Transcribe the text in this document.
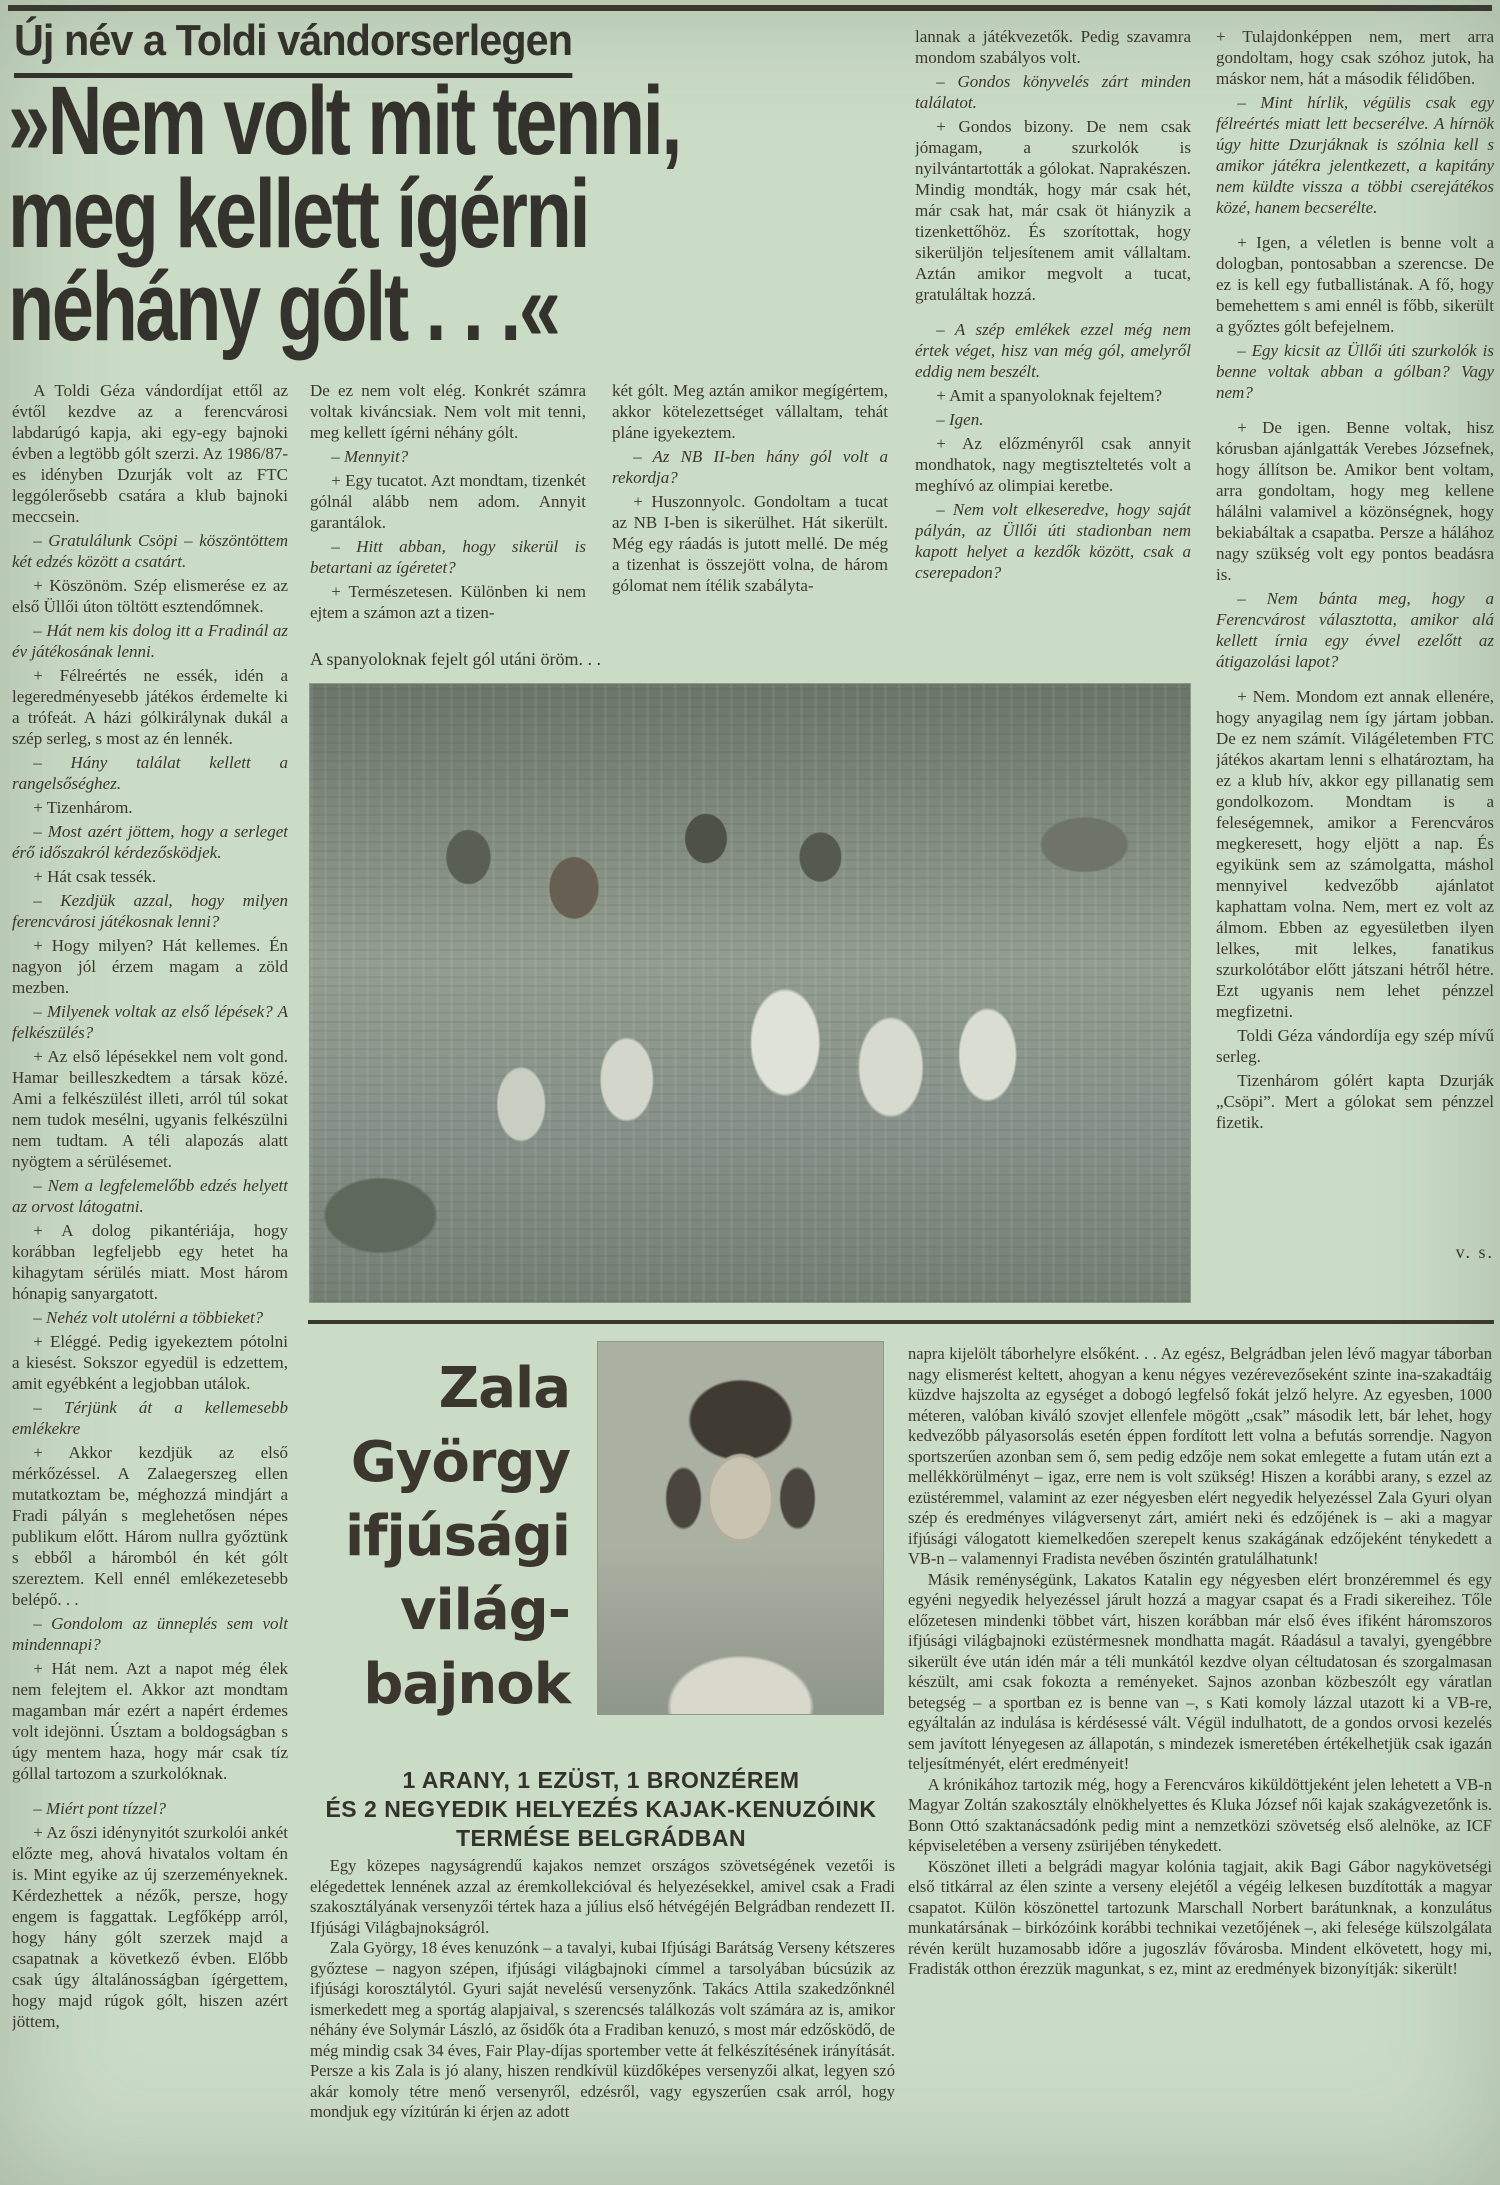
Új név a Toldi vándorserlegen
»Nem volt mit tenni,
meg kellett ígérni
néhány gólt . . .«

A Toldi Géza vándordíjat ettől az évtől kezdve az a ferencvárosi labdarúgó kapja, aki egy-egy bajnoki évben a legtöbb gólt szerzi. Az 1986/87-es idényben Dzurják volt az FTC leggólerősebb csatára a klub bajnoki meccsein.

– Gratulálunk Csöpi – köszöntöttem két edzés között a csatárt.

+ Köszönöm. Szép elismerése ez az első Üllői úton töltött esztendőmnek.

– Hát nem kis dolog itt a Fradinál az év játékosának lenni.

+ Félreértés ne essék, idén a legeredményesebb játékos érdemelte ki a trófeát. A házi gólkirálynak dukál a szép serleg, s most az én lennék.

– Hány találat kellett a rangelsőséghez.

+ Tizenhárom.

– Most azért jöttem, hogy a serleget érő időszakról kérdezősködjek.

+ Hát csak tessék.

– Kezdjük azzal, hogy milyen ferencvárosi játékosnak lenni?

+ Hogy milyen? Hát kellemes. Én nagyon jól érzem magam a zöld mezben.

– Milyenek voltak az első lépések? A felkészülés?

+ Az első lépésekkel nem volt gond. Hamar beilleszkedtem a társak közé. Ami a felkészülést illeti, arról túl sokat nem tudok mesélni, ugyanis felkészülni nem tudtam. A téli alapozás alatt nyögtem a sérülésemet.

– Nem a legfelemelőbb edzés helyett az orvost látogatni.

+ A dolog pikantériája, hogy korábban legfeljebb egy hetet ha kihagytam sérülés miatt. Most három hónapig sanyargatott.

– Nehéz volt utolérni a többieket?

+ Eléggé. Pedig igyekeztem pótolni a kiesést. Sokszor egyedül is edzettem, amit egyébként a legjobban utálok.

– Térjünk át a kellemesebb emlékekre

+ Akkor kezdjük az első mérkőzéssel. A Zalaegerszeg ellen mutatkoztam be, méghozzá mindjárt a Fradi pályán s meglehetősen népes publikum előtt. Három nullra győztünk s ebből a háromból én két gólt szereztem. Kell ennél emlékezetesebb belépő. . .

– Gondolom az ünneplés sem volt mindennapi?

+ Hát nem. Azt a napot még élek nem felejtem el. Akkor azt mondtam magamban már ezért a napért érdemes volt idejönni. Úsztam a boldogságban s úgy mentem haza, hogy már csak tíz góllal tartozom a szurkolóknak.

– Miért pont tízzel?

+ Az őszi idénynyitót szurkolói ankét előzte meg, ahová hivatalos voltam én is. Mint egyike az új szerzeményeknek. Kérdezhettek a nézők, persze, hogy engem is faggattak. Legfőképp arról, hogy hány gólt szerzek majd a csapatnak a következő évben. Előbb csak úgy általánosságban ígérgettem, hogy majd rúgok gólt, hiszen azért jöttem,

De ez nem volt elég. Konkrét számra voltak kiváncsiak. Nem volt mit tenni, meg kellett ígérni néhány gólt.

– Mennyit?

+ Egy tucatot. Azt mondtam, tizenkét gólnál alább nem adom. Annyit garantálok.

– Hitt abban, hogy sikerül is betartani az ígéretet?

+ Természetesen. Különben ki nem ejtem a számon azt a tizen-

két gólt. Meg aztán amikor megígértem, akkor kötelezettséget vállaltam, tehát pláne igyekeztem.

– Az NB II-ben hány gól volt a rekordja?

+ Huszonnyolc. Gondoltam a tucat az NB I-ben is sikerülhet. Hát sikerült. Még egy ráadás is jutott mellé. De még a tizenhat is összejött volna, de három gólomat nem ítélik szabályta-

lannak a játékvezetők. Pedig szavamra mondom szabályos volt.

– Gondos könyvelés zárt minden találatot.

+ Gondos bizony. De nem csak jómagam, a szurkolók is nyilvántartották a gólokat. Naprakészen. Mindig mondták, hogy már csak hét, már csak hat, már csak öt hiányzik a tizenkettőhöz. És szorítottak, hogy sikerüljön teljesítenem amit vállaltam. Aztán amikor megvolt a tucat, gratuláltak hozzá.

– A szép emlékek ezzel még nem értek véget, hisz van még gól, amelyről eddig nem beszélt.

+ Amit a spanyoloknak fejeltem?

– Igen.

+ Az előzményről csak annyit mondhatok, nagy megtiszteltetés volt a meghívó az olimpiai keretbe.

– Nem volt elkeseredve, hogy saját pályán, az Üllői úti stadionban nem kapott helyet a kezdők között, csak a cserepadon?

+ Tulajdonképpen nem, mert arra gondoltam, hogy csak szóhoz jutok, ha máskor nem, hát a második félidőben.

– Mint hírlik, végülis csak egy félreértés miatt lett becserélve. A hírnök úgy hitte Dzurjáknak is szólnia kell s amikor játékra jelentkezett, a kapitány nem küldte vissza a többi cserejátékos közé, hanem becserélte.

+ Igen, a véletlen is benne volt a dologban, pontosabban a szerencse. De ez is kell egy futballistának. A fő, hogy bemehettem s ami ennél is főbb, sikerült a győztes gólt befejelnem.

– Egy kicsit az Üllői úti szurkolók is benne voltak abban a gólban? Vagy nem?

+ De igen. Benne voltak, hisz kórusban ajánlgatták Verebes Józsefnek, hogy állítson be. Amikor bent voltam, arra gondoltam, hogy meg kellene hálálni valamivel a közönségnek, hogy bekiabáltak a csapatba. Persze a hálához nagy szükség volt egy pontos beadásra is.

– Nem bánta meg, hogy a Ferencvárost választotta, amikor alá kellett írnia egy évvel ezelőtt az átigazolási lapot?

+ Nem. Mondom ezt annak ellenére, hogy anyagilag nem így jártam jobban. De ez nem számít. Világéletemben FTC játékos akartam lenni s elhatároztam, ha ez a klub hív, akkor egy pillanatig sem gondolkozom. Mondtam is a feleségemnek, amikor a Ferencváros megkeresett, hogy eljött a nap. És egyikünk sem az számolgatta, máshol mennyivel kedvezőbb ajánlatot kaphattam volna. Nem, mert ez volt az álmom. Ebben az egyesületben ilyen lelkes, mit lelkes, fanatikus szurkolótábor előtt játszani hétről hétre. Ezt ugyanis nem lehet pénzzel megfizetni.

Toldi Géza vándordíja egy szép mívű serleg.

Tizenhárom gólért kapta Dzurják „Csöpi”. Mert a gólokat sem pénzzel fizetik.

v. s.
A spanyoloknak fejelt gól utáni öröm. . .
Zala
György
ifjúsági
világ-
bajnok
1 ARANY, 1 EZÜST, 1 BRONZÉREM
ÉS 2 NEGYEDIK HELYEZÉS KAJAK-KENUZÓINK
TERMÉSE BELGRÁDBAN

Egy közepes nagyságrendű kajakos nemzet országos szövetségének vezetői is elégedettek lennének azzal az éremkollekcióval és helyezésekkel, amivel csak a Fradi szakosztályának versenyzői tértek haza a július első hétvégéjén Belgrádban rendezett II. Ifjúsági Világbajnokságról.

Zala György, 18 éves kenuzónk – a tavalyi, kubai Ifjúsági Barátság Verseny kétszeres győztese – nagyon szépen, ifjúsági világbajnoki címmel a tarsolyában búcsúzik az ifjúsági korosztálytól. Gyuri saját nevelésű versenyzőnk. Takács Attila szakedzőnknél ismerkedett meg a sportág alapjaival, s szerencsés találkozás volt számára az is, amikor néhány éve Solymár László, az ősidők óta a Fradiban kenuzó, s most már edzősködő, de még mindig csak 34 éves, Fair Play-díjas sportember vette át felkészítésének irányítását. Persze a kis Zala is jó alany, hiszen rendkívül küzdőképes versenyzői alkat, legyen szó akár komoly tétre menő versenyről, edzésről, vagy egyszerűen csak arról, hogy mondjuk egy vízitúrán ki érjen az adott

napra kijelölt táborhelyre elsőként. . . Az egész, Belgrádban jelen lévő magyar táborban nagy elismerést keltett, ahogyan a kenu négyes vezérevezőseként szinte ina-szakadtáig küzdve hajszolta az egységet a dobogó legfelső fokát jelző helyre. Az egyesben, 1000 méteren, valóban kiváló szovjet ellenfele mögött „csak” második lett, bár lehet, hogy kedvezőbb pályasorsolás esetén éppen fordított lett volna a befutás sorrendje. Nagyon sportszerűen azonban sem ő, sem pedig edzője nem sokat emlegette a futam után ezt a mellékkörülményt – igaz, erre nem is volt szükség! Hiszen a korábbi arany, s ezzel az ezüstéremmel, valamint az ezer négyesben elért negyedik helyezéssel Zala Gyuri olyan szép és eredményes világversenyt zárt, amiért neki és edzőjének is – aki a magyar ifjúsági válogatott kiemelkedően szerepelt kenus szakágának edzőjeként ténykedett a VB-n – valamennyi Fradista nevében őszintén gratulálhatunk!

Másik reménységünk, Lakatos Katalin egy négyesben elért bronzéremmel és egy egyéni negyedik helyezéssel járult hozzá a magyar csapat és a Fradi sikereihez. Tőle előzetesen mindenki többet várt, hiszen korábban már első éves ifiként háromszoros ifjúsági világbajnoki ezüstérmesnek mondhatta magát. Ráadásul a tavalyi, gyengébbre sikerült éve után idén már a téli munkától kezdve olyan céltudatosan és szorgalmasan készült, ami csak fokozta a reményeket. Sajnos azonban közbeszólt egy váratlan betegség – a sportban ez is benne van –, s Kati komoly lázzal utazott ki a VB-re, egyáltalán az indulása is kérdésessé vált. Végül indulhatott, de a gondos orvosi kezelés sem javított lényegesen az állapotán, s mindezek ismeretében értékelhetjük csak igazán teljesítményét, elért eredményeit!

A krónikához tartozik még, hogy a Ferencváros kiküldöttjeként jelen lehetett a VB-n Magyar Zoltán szakosztály elnökhelyettes és Kluka József női kajak szakágvezetőnk is. Bonn Ottó szaktanácsadónk pedig mint a nemzetközi szövetség első alelnöke, az ICF képviseletében a verseny zsürijében ténykedett.

Köszönet illeti a belgrádi magyar kolónia tagjait, akik Bagi Gábor nagykövetségi első titkárral az élen szinte a verseny elejétől a végéig lelkesen buzdították a magyar csapatot. Külön köszönettel tartozunk Marschall Norbert barátunknak, a konzulátus munkatársának – birkózóink korábbi technikai vezetőjének –, aki felesége külszolgálata révén került huzamosabb időre a jugoszláv fővárosba. Mindent elkövetett, hogy mi, Fradisták otthon érezzük magunkat, s ez, mint az eredmények bizonyítják: sikerült!
